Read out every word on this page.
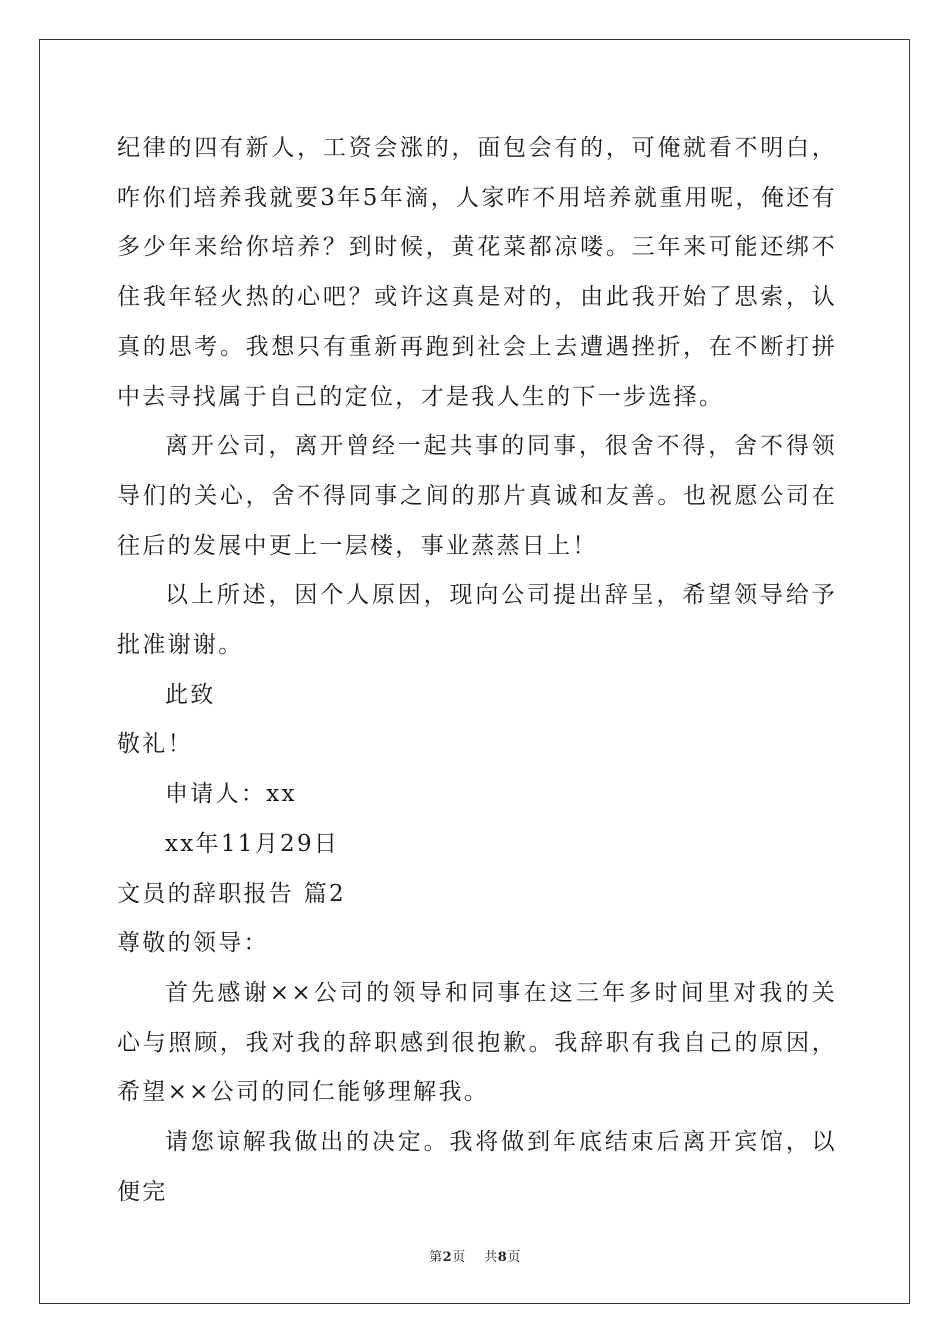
纪律的四有新人，工资会涨的，面包会有的，可俺就看不明白，咋你们培养我就要3年5年滴，人家咋不用培养就重用呢，俺还有多少年来给你培养？到时候，黄花菜都凉喽。三年来可能还绑不住我年轻火热的心吧？或许这真是对的，由此我开始了思索，认真的思考。我想只有重新再跑到社会上去遭遇挫折，在不断打拼中去寻找属于自己的定位，才是我人生的下一步选择。

离开公司，离开曾经一起共事的同事，很舍不得，舍不得领导们的关心，舍不得同事之间的那片真诚和友善。也祝愿公司在往后的发展中更上一层楼，事业蒸蒸日上！

以上所述，因个人原因，现向公司提出辞呈，希望领导给予批准谢谢。

此致

敬礼！

申请人：xx

xx年11月29日

文员的辞职报告 篇2

尊敬的领导：

首先感谢××公司的领导和同事在这三年多时间里对我的关心与照顾，我对我的辞职感到很抱歉。我辞职有我自己的原因，希望××公司的同仁能够理解我。

请您谅解我做出的决定。我将做到年底结束后离开宾馆，以便完

第2页 共8页
